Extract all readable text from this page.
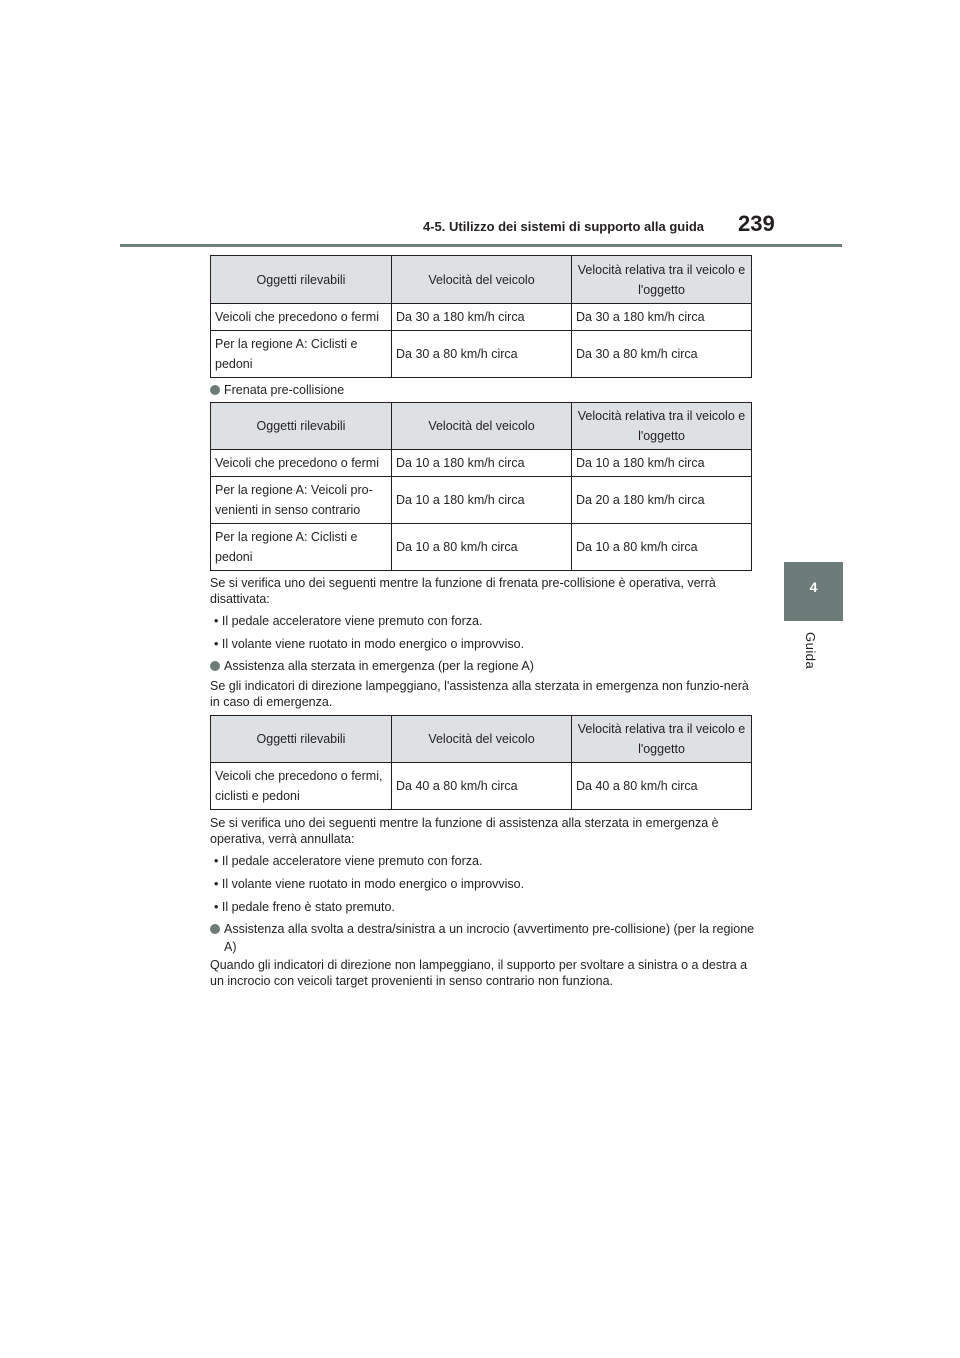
4-5. Utilizzo dei sistemi di supporto alla guida 239
4
Guida
Oggetti rilevabili	Velocità del veicolo	Velocità relativa tra il veicolo e l'oggetto
Veicoli che precedono o fermi	Da 30 a 180 km/h circa	Da 30 a 180 km/h circa
Per la regione A: Ciclisti e pedoni	Da 30 a 80 km/h circa	Da 30 a 80 km/h circa
Frenata pre-collisione
Oggetti rilevabili	Velocità del veicolo	Velocità relativa tra il veicolo e l'oggetto
Veicoli che precedono o fermi	Da 10 a 180 km/h circa	Da 10 a 180 km/h circa
Per la regione A: Veicoli pro-venienti in senso contrario	Da 10 a 180 km/h circa	Da 20 a 180 km/h circa
Per la regione A: Ciclisti e pedoni	Da 10 a 80 km/h circa	Da 10 a 80 km/h circa
Se si verifica uno dei seguenti mentre la funzione di frenata pre-collisione è operativa, verrà disattivata:
• Il pedale acceleratore viene premuto con forza.
• Il volante viene ruotato in modo energico o improvviso.
Assistenza alla sterzata in emergenza (per la regione A)
Se gli indicatori di direzione lampeggiano, l'assistenza alla sterzata in emergenza non funzio-nerà in caso di emergenza.
Oggetti rilevabili	Velocità del veicolo	Velocità relativa tra il veicolo e l'oggetto
Veicoli che precedono o fermi, ciclisti e pedoni	Da 40 a 80 km/h circa	Da 40 a 80 km/h circa
Se si verifica uno dei seguenti mentre la funzione di assistenza alla sterzata in emergenza è operativa, verrà annullata:
• Il pedale acceleratore viene premuto con forza.
• Il volante viene ruotato in modo energico o improvviso.
• Il pedale freno è stato premuto.
Assistenza alla svolta a destra/sinistra a un incrocio (avvertimento pre-collisione) (per la regione A)
Quando gli indicatori di direzione non lampeggiano, il supporto per svoltare a sinistra o a destra a un incrocio con veicoli target provenienti in senso contrario non funziona.
